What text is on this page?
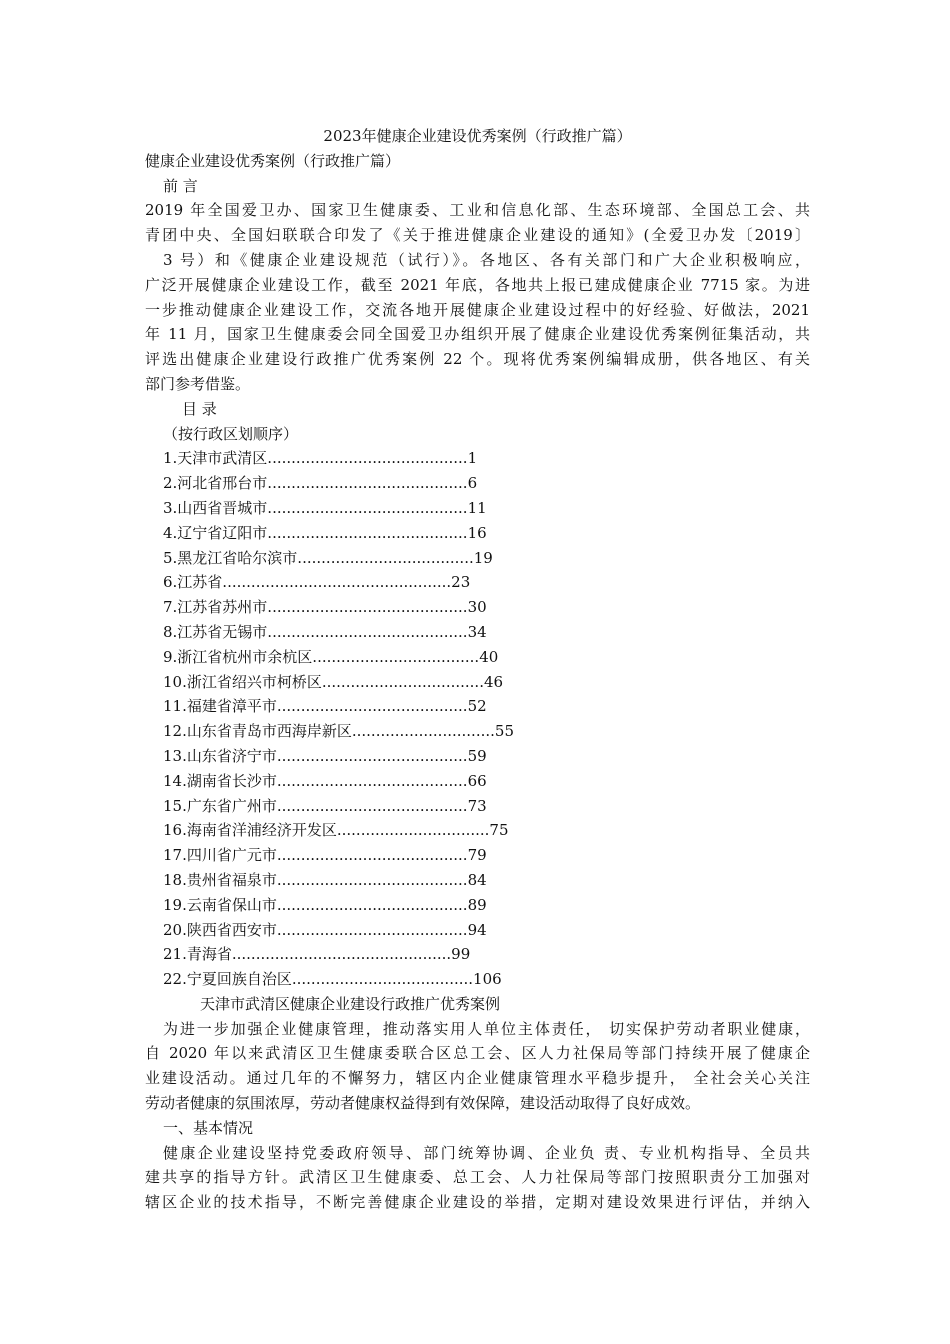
2023年健康企业建设优秀案例（行政推广篇）
健康企业建设优秀案例（行政推广篇）
前 言
2019 年全国爱卫办、国家卫生健康委、工业和信息化部、生态环境部、全国总工会、共
青团中央、全国妇联联合印发了《关于推进健康企业建设的通知》(全爱卫办发〔2019〕
3 号）和《健康企业建设规范（试行）》。各地区、各有关部门和广大企业积极响应，
广泛开展健康企业建设工作，截至 2021 年底，各地共上报已建成健康企业 7715 家。为进
一步推动健康企业建设工作，交流各地开展健康企业建设过程中的好经验、好做法，2021
年 11 月，国家卫生健康委会同全国爱卫办组织开展了健康企业建设优秀案例征集活动，共
评选出健康企业建设行政推广优秀案例 22 个。现将优秀案例编辑成册，供各地区、有关
部门参考借鉴。
目 录
（按行政区划顺序）
1.天津市武清区..........................................1
2.河北省邢台市..........................................6
3.山西省晋城市..........................................11
4.辽宁省辽阳市..........................................16
5.黑龙江省哈尔滨市.....................................19
6.江苏省................................................23
7.江苏省苏州市..........................................30
8.江苏省无锡市..........................................34
9.浙江省杭州市余杭区...................................40
10.浙江省绍兴市柯桥区..................................46
11.福建省漳平市........................................52
12.山东省青岛市西海岸新区..............................55
13.山东省济宁市........................................59
14.湖南省长沙市........................................66
15.广东省广州市........................................73
16.海南省洋浦经济开发区................................75
17.四川省广元市........................................79
18.贵州省福泉市........................................84
19.云南省保山市........................................89
20.陕西省西安市........................................94
21.青海省..............................................99
22.宁夏回族自治区......................................106
天津市武清区健康企业建设行政推广优秀案例
为进一步加强企业健康管理，推动落实用人单位主体责任， 切实保护劳动者职业健康，
自 2020 年以来武清区卫生健康委联合区总工会、区人力社保局等部门持续开展了健康企
业建设活动。通过几年的不懈努力，辖区内企业健康管理水平稳步提升， 全社会关心关注
劳动者健康的氛围浓厚，劳动者健康权益得到有效保障，建设活动取得了良好成效。
一、基本情况
健康企业建设坚持党委政府领导、部门统筹协调、企业负 责、专业机构指导、全员共
建共享的指导方针。武清区卫生健康委、总工会、人力社保局等部门按照职责分工加强对
辖区企业的技术指导，不断完善健康企业建设的举措，定期对建设效果进行评估，并纳入
